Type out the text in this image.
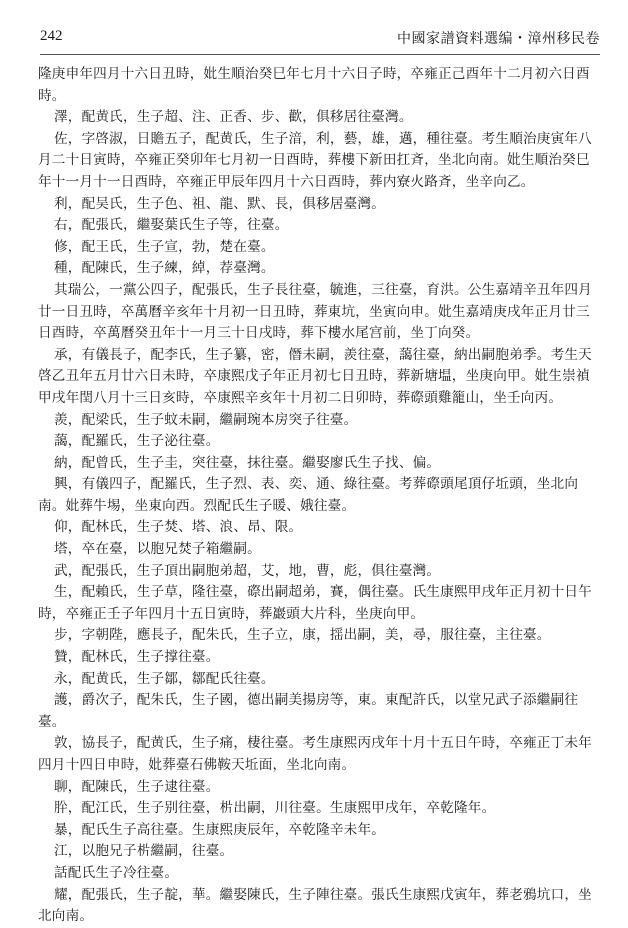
242	中國家譜資料選编・漳州移民卷

隆庚申年四月十六日丑時，妣生順治癸巳年七月十六日子時，卒雍正己酉年十二月初六日酉時。

澤，配黄氏，生子超、注、正香、步、歡，俱移居往臺灣。

佐，字啓淑，日贍五子，配黄氏，生子湆，利，藝，雄，邁，種往臺。考生順治庚寅年八月二十日寅時，卒雍正癸卯年七月初一日酉時，葬樓下新田扛斉，坐北向南。妣生順治癸巳年十一月十一日酉時，卒雍正甲辰年四月十六日酉時，葬内寮火路斉，坐辛向乙。

利，配吴氏，生子色、祖、龍、默、長，俱移居臺灣。

右，配張氏，繼娶葉氏生子等，往臺。

修，配王氏，生子宣，勃，楚在臺。

種，配陳氏，生子練，綽，荐臺灣。

其瑞公，一黨公四子，配張氏，生子長往臺，毓進，三往臺，育洪。公生嘉靖辛丑年四月廿一日丑時，卒萬曆辛亥年十月初一日丑時，葬東坑，坐寅向申。妣生嘉靖庚戌年正月廿三日酉時，卒萬曆癸丑年十一月三十日戌時，葬下樓水尾宫前，坐丁向癸。

承，有儀長子，配李氏，生子纂，密，僭未嗣，羨往臺，藹往臺，納出嗣胞弟季。考生天啓乙丑年五月廿六日未時，卒康熙戊子年正月初七日丑時，葬新塘塭，坐庚向甲。妣生崇禎甲戌年閏八月十三日亥時，卒康熙辛亥年十月初二日卯時，葬磜頭雞籠山，坐壬向丙。

羨，配梁氏，生子蚊未嗣，繼嗣琬本房突子往臺。

藹，配羅氏，生子泌往臺。

納，配曾氏，生子圭，突往臺，抹往臺。繼娶廖氏生子找、偏。

興，有儀四子，配羅氏，生子烈、表、奕、通、綠往臺。考葬磜頭尾頂仔坵頭，坐北向南。妣葬牛埸，坐東向西。烈配氏生子暖、娥往臺。

仰，配林氏，生子焚、塔、浪、昂、限。

塔，卒在臺，以胞兄焚子箱繼嗣。

武，配張氏，生子頂出嗣胞弟超，艾，地，曹，彪，俱往臺灣。

生，配賴氏，生子草，隆往臺，磜出嗣超弟，賽，偶往臺。氏生康熙甲戌年正月初十日午時，卒雍正壬子年四月十五日寅時，葬巖頭大片科，坐庚向甲。

步，字朝陛，應長子，配朱氏，生子立，康，揺出嗣，美，尋，服往臺，主往臺。

贊，配林氏，生子撑往臺。

永，配黄氏，生子鄒，鄒配氏往臺。

護，爵次子，配朱氏，生子國，德出嗣美揚房等，東。東配許氏，以堂兄武子添繼嗣往臺。

敦，協長子，配黄氏，生子痛，棲往臺。考生康熙丙戌年十月十五日午時，卒雍正丁未年四月十四日申時，妣葬臺石佛鞍天坵面，坐北向南。

聊，配陳氏，生子逮往臺。

肸，配江氏，生子别往臺，㭊出嗣，川往臺。生康熙甲戌年，卒乾隆年。

暴，配氏生子高往臺。生康熙庚辰年，卒乾隆辛未年。

江，以胞兄子㭊繼嗣，往臺。

話配氏生子冷往臺。

耀，配張氏，生子靛，華。繼娶陳氏，生子陣往臺。張氏生康熙戊寅年，葬老鴉坑口，坐北向南。
